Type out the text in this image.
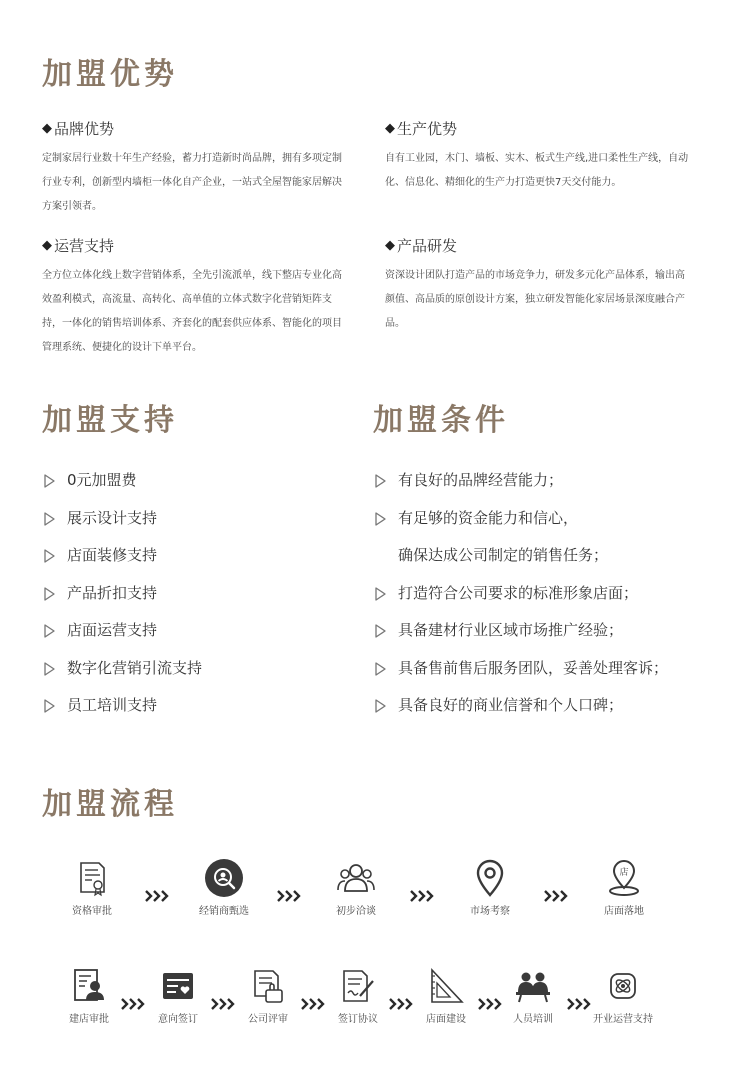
加盟优势
◆ 品牌优势

定制家居行业数十年生产经验，蓄力打造新时尚品牌，拥有多项定制行业专利，创新型内墙柜一体化自产企业，一站式全屋智能家居解决方案引领者。

◆ 生产优势

自有工业园，木门、墙板、实木、板式生产线,进口柔性生产线，自动化、信息化、精细化的生产力打造更快7天交付能力。

◆ 运营支持

全方位立体化线上数字营销体系，全先引流派单，线下整店专业化高效盈利模式，高流量、高转化、高单值的立体式数字化营销矩阵支持，一体化的销售培训体系、齐套化的配套供应体系、智能化的项目管理系统、便捷化的设计下单平台。

◆ 产品研发

资深设计团队打造产品的市场竞争力，研发多元化产品体系，输出高颜值、高品质的原创设计方案，独立研发智能化家居场景深度融合产品。

加盟支持
0元加盟费
展示设计支持
店面装修支持
产品折扣支持
店面运营支持
数字化营销引流支持
员工培训支持
加盟条件
有良好的品牌经营能力；
有足够的资金能力和信心，
确保达成公司制定的销售任务；
打造符合公司要求的标准形象店面；
具备建材行业区域市场推广经验；
具备售前售后服务团队，妥善处理客诉；
具备良好的商业信誉和个人口碑；
加盟流程
资格审批	经销商甄选	初步洽谈	市场考察
店
店面落地
建店审批	意向签订	公司评审	签订协议	店面建设	人员培训	开业运营支持
